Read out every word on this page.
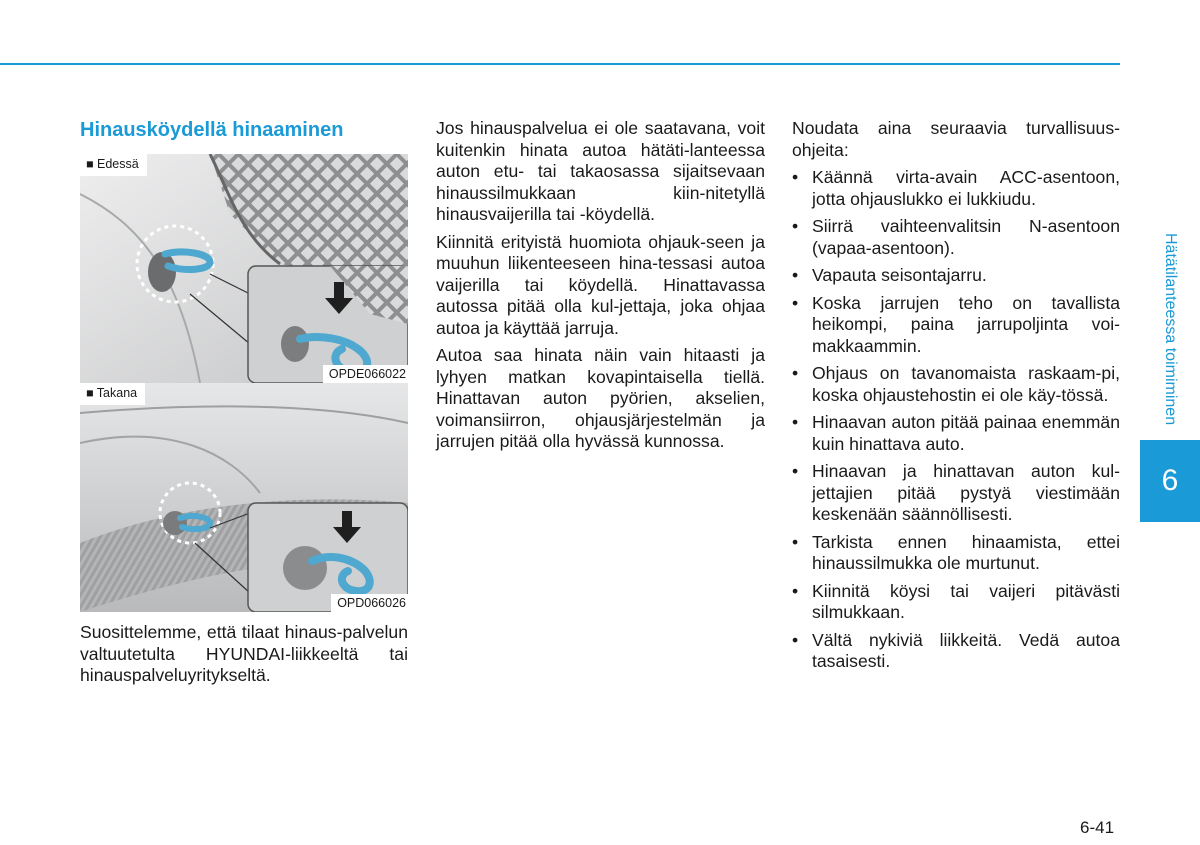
Hinausköydellä hinaaminen
■ Edessä
OPDE066022
■ Takana
OPD066026

Suosittelemme, että tilaat hinaus-palvelun valtuutetulta HYUNDAI-liikkeeltä tai hinauspalveluyritykseltä.

Jos hinauspalvelua ei ole saatavana, voit kuitenkin hinata autoa hätäti-lanteessa auton etu- tai takaosassa sijaitsevaan hinaussilmukkaan kiin-nitetyllä hinausvaijerilla tai -köydellä.

Kiinnitä erityistä huomiota ohjauk-seen ja muuhun liikenteeseen hina-tessasi autoa vaijerilla tai köydellä. Hinattavassa autossa pitää olla kul-jettaja, joka ohjaa autoa ja käyttää jarruja.

Autoa saa hinata näin vain hitaasti ja lyhyen matkan kovapintaisella tiellä. Hinattavan auton pyörien, akselien, voimansiirron, ohjausjärjestelmän ja jarrujen pitää olla hyvässä kunnossa.

Noudata aina seuraavia turvallisuus-ohjeita:

• Käännä virta-avain ACC-asentoon, jotta ohjauslukko ei lukkiudu.
• Siirrä vaihteenvalitsin N-asentoon (vapaa-asentoon).
• Vapauta seisontajarru.
• Koska jarrujen teho on tavallista heikompi, paina jarrupoljinta voi-makkaammin.
• Ohjaus on tavanomaista raskaam-pi, koska ohjaustehostin ei ole käy-tössä.
• Hinaavan auton pitää painaa enemmän kuin hinattava auto.
• Hinaavan ja hinattavan auton kul-jettajien pitää pystyä viestimään keskenään säännöllisesti.
• Tarkista ennen hinaamista, ettei hinaussilmukka ole murtunut.
• Kiinnitä köysi tai vaijeri pitävästi silmukkaan.
• Vältä nykiviä liikkeitä. Vedä autoa tasaisesti.
Hätätilanteessa toimiminen
6
6-41
